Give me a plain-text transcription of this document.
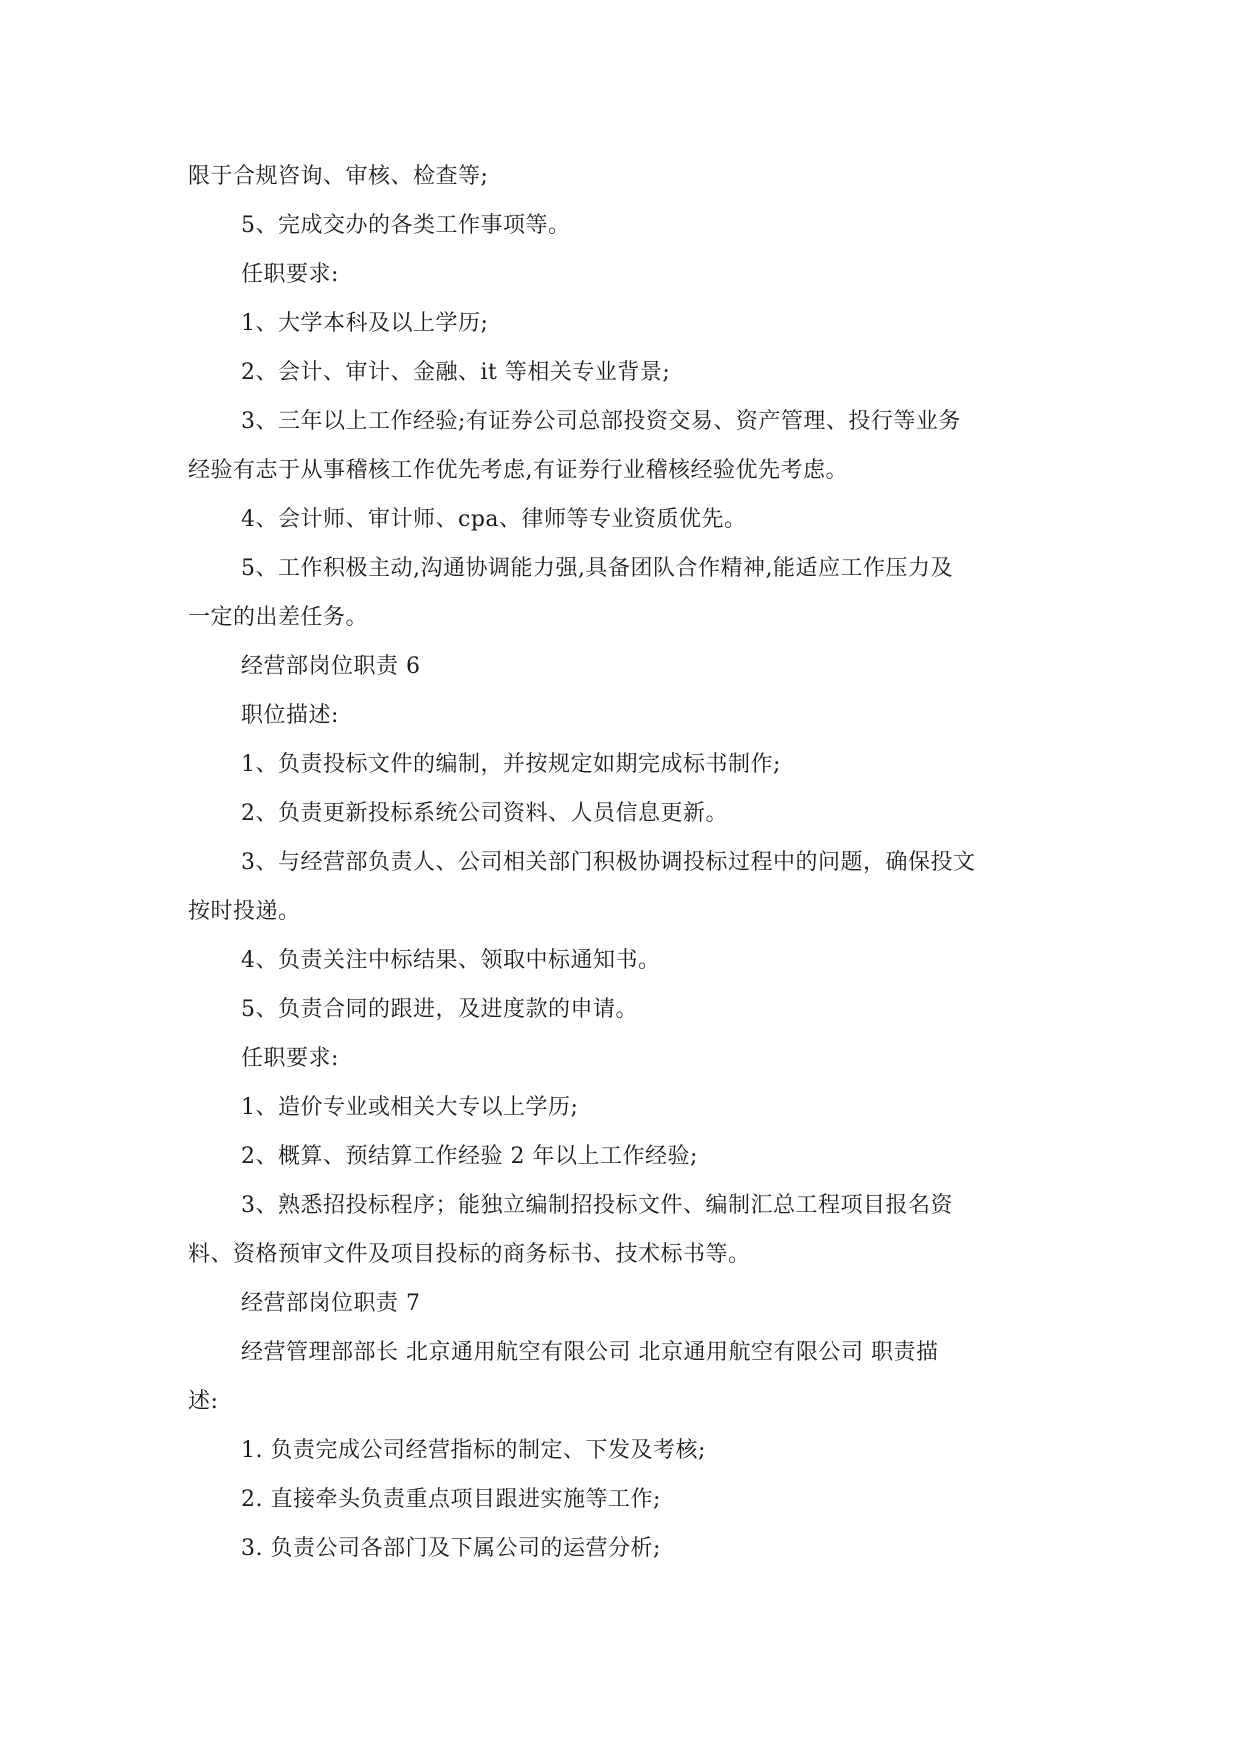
限于合规咨询、审核、检查等;
5、完成交办的各类工作事项等。
任职要求:
1、大学本科及以上学历;
2、会计、审计、金融、it 等相关专业背景;
3、三年以上工作经验;有证券公司总部投资交易、资产管理、投行等业务
经验有志于从事稽核工作优先考虑,有证券行业稽核经验优先考虑。
4、会计师、审计师、cpa、律师等专业资质优先。
5、工作积极主动,沟通协调能力强,具备团队合作精神,能适应工作压力及
一定的出差任务。
经营部岗位职责 6
职位描述:
1、负责投标文件的编制，并按规定如期完成标书制作;
2、负责更新投标系统公司资料、人员信息更新。
3、与经营部负责人、公司相关部门积极协调投标过程中的问题，确保投文
按时投递。
4、负责关注中标结果、领取中标通知书。
5、负责合同的跟进，及进度款的申请。
任职要求:
1、造价专业或相关大专以上学历;
2、概算、预结算工作经验 2 年以上工作经验;
3、熟悉招投标程序；能独立编制招投标文件、编制汇总工程项目报名资
料、资格预审文件及项目投标的商务标书、技术标书等。
经营部岗位职责 7
经营管理部部长 北京通用航空有限公司 北京通用航空有限公司 职责描
述:
1. 负责完成公司经营指标的制定、下发及考核;
2. 直接牵头负责重点项目跟进实施等工作;
3. 负责公司各部门及下属公司的运营分析;
